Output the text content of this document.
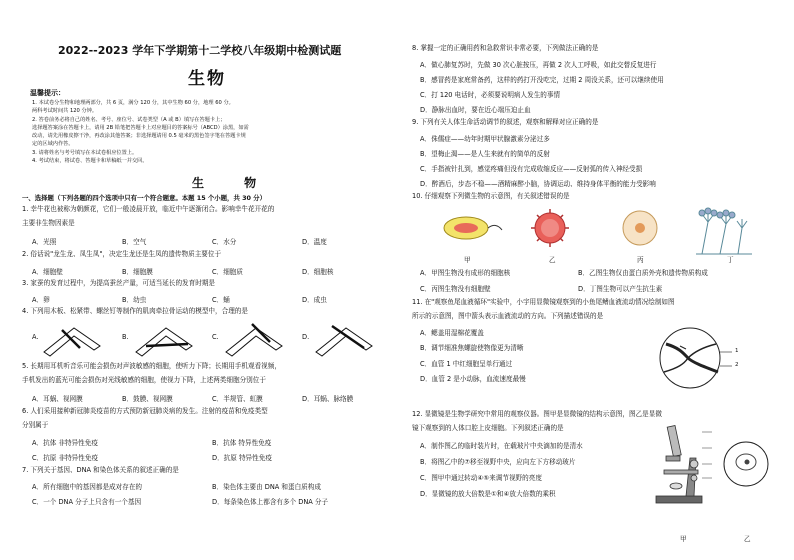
2022--2023 学年下学期第十二学校八年级期中检测试题
生物
温馨提示：
1. 本试卷分生物和地理两部分，共 6 页，满分 120 分，其中生物 60 分，地理 60 分。
两科考试时间共 120 分钟。
2. 答卷前务必将自己的姓名、考号、座位号、试卷类型（A 或 B）填写在答题卡上；
选择题答案涂在答题卡上，请用 2B 铅笔把答题卡上对应题目的答案标号（ABCD）涂黑，如需
改动，请先用橡皮擦干净，再改涂其他答案；非选择题请用 0.5 毫米的黑色签字笔在答题卡规
定的区域内作答。
3. 请将姓名与考号填写在本试卷相应位置上。
4. 考试结束，将试卷、答题卡和草稿纸一并交回。
生 物
一、选择题（下列各题的四个选项中只有一个符合题意。本题 15 个小题，共 30 分）
1. 幸牛花也被称为朝颜花，它们一般凌晨开放，临近中午逐渐闭合。影响幸牛花开花的
主要非生物因素是
A．光照	B．空气	C．水分	D．温度
2. 俗话说"龙生龙、凤生凤"，决定生龙还是生凤的遗传物质主要位于
A．细胞壁	B．细胞膜	C．细胞质	D．细胞核
3. 家蚕的发育过程中，为提高蚕丝产量，可适当延长的发育时期是
A．卵	B．幼虫	C．蛹	D．成虫
4. 下列用木板、松紧带、螺丝钉等制作的肌肉牵拉骨运动的模型中，合理的是
A.	B.	C.	D.
5. 长期用耳机听音乐可能会损伤对声波敏感的细胞，使听力下降；长期用手机观看视频，
手机发出的蓝光可能会损伤对光线敏感的细胞，使视力下降，上述两类细胞分别位于
A．耳蜗、视网膜	B．鼓膜、视网膜	C．半规管、虹膜	D．耳蜗、脉络膜
6. 人们采用接种新冠肺炎疫苗的方式预防新冠肺炎病的发生。注射的疫苗和免疫类型
分别属于
A．抗体 非特异性免疫	B．抗体 特异性免疫
C．抗原 非特异性免疫	D．抗原 特异性免疫
7. 下列关于基因、DNA 和染色体关系的叙述正确的是
A．所有细胞中的基因都是成对存在的	B．染色体主要由 DNA 和蛋白质构成
C．一个 DNA 分子上只含有一个基因	D．每条染色体上都含有多个 DNA 分子
8. 掌握一定的正确用药和急救常识非常必要，下列做法正确的是
A．做心肺复苏时，先做 30 次心脏按压，再做 2 次人工呼吸，如此交替反复进行
B．感冒药是家庭常备药，这样的药打开没吃完，过期 2 周没关系，还可以继续使用
C．打 120 电话时，必须要说明病人发生的事情
D．静脉出血时，要在近心端压迫止血
9. 下列有关人体生命活动调节的叙述，观察和解释对应正确的是
A．侏儒症——幼年时期甲状腺激素分泌过多
B．望梅止渴——是人生来就有的简单的反射
C．手指被针扎到，感觉疼痛但没有完成收缩反应——反射弧的传入神经受损
D．醉酒后，步态不稳——酒精麻醉小脑，协调运动、维持身体平衡的能力受影响
10. 仔细观察下列微生物的示意图，有关叙述错误的是
甲	乙	丙	丁
A．甲图生物没有成形的细胞核	B．乙图生物仅由蛋白质外壳和遗传物质构成
C．丙图生物没有细胞壁	D．丁图生物可以产生抗生素
11. 在"观察鱼尾血液循环"实验中，小宇用显微镜观察到的小鱼尾鳍血液流动情况绘制如图
所示的示意图，图中箭头表示血液流动的方向。下列描述错误的是
A．鳃盖用湿棉花覆盖
B．调节细准焦螺旋使物像更为清晰
C．血管 1 中红细胞呈单行通过
D．血管 2 是小动脉，血流速度最慢
1
2
12. 显微镜是生物学研究中常用的观察仪器。图甲是显微镜的结构示意图，图乙是显微
镜下观察到的人体口腔上皮细胞。下列叙述正确的是
A．制作图乙的临时装片时，在载玻片中央滴加的是清水
B．将图乙中的⑦移至视野中央，应向左下方移动玻片
C．图甲中通过转动④⑤来调节视野的亮度
D．显微镜的放大倍数是①和④放大倍数的乘积
甲	乙
